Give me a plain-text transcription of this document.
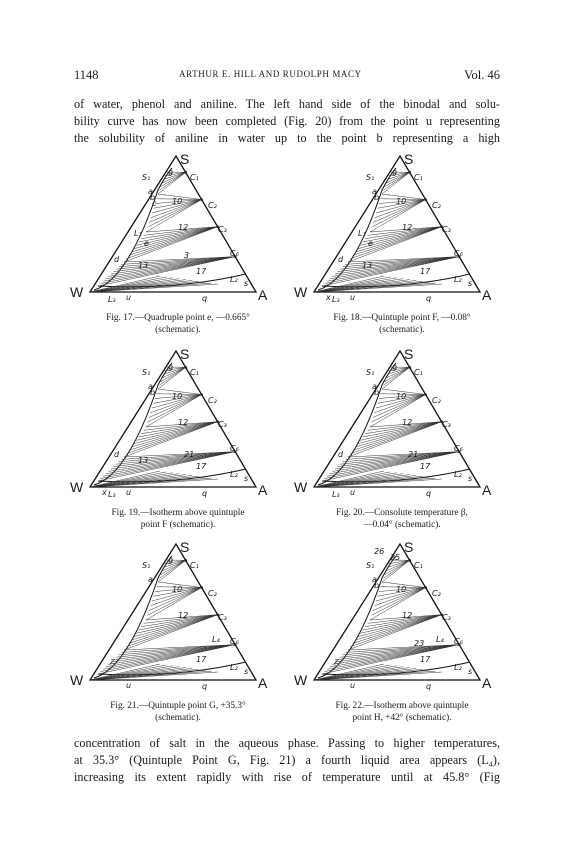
1148	ARTHUR E. HILL AND RUDOLPH MACY	Vol. 46
of water, phenol and aniline. The left hand side of the binodal and solu-
bility curve has now been completed (Fig. 20) from the point u representing
the solubility of aniline in water up to the point b representing a high
S
W	A
S₁	C₁
C₂
C₃
C₆
9
10
12
13
3
17
a
b
c
d
e
L₁
L₂
L₃ u	q
s
Fig. 17.—Quadruple point e, —0.665°
(schematic).
S
W	A
S₁	C₁
C₂
C₃
C₆
9
10
12
13
17
a
b
d
e
L₁
L₂
L₃ u	q
x
s
Fig. 18.—Quintuple point F, —0.08°
(schematic).
S
W	A
S₁	C₁
C₂
C₃
C₆
9
10
12
13
21
17
a
b
d
L₂
L₃ u	q
x
s
Fig. 19.—Isotherm above quintuple
point F (schematic).
S
W	A
S₁	C₁
C₂
C₃
C₆
9
10
12
21
17
a
b
d
L₂
L₃ u	q
s
Fig. 20.—Consolute temperature β,
—0.04° (schematic).
S
W	A
S₁	C₁
C₂
C₃
C₆
9
10
12
17
L₂
L₄
z
u	q
a
s
Fig. 21.—Quintuple point G, +35.3°
(schematic).
S
W	A
S₁	C₁
C₂
C₃
C₆
25
26
10
12
23
17
L₂
L₄
z
u	q
a
b
s
Fig. 22.—Isotherm above quintuple
point H, +42° (schematic).
concentration of salt in the aqueous phase. Passing to higher temperatures,
at 35.3° (Quintuple Point G, Fig. 21) a fourth liquid area appears (L₄),
increasing its extent rapidly with rise of temperature until at 45.8° (Fig
